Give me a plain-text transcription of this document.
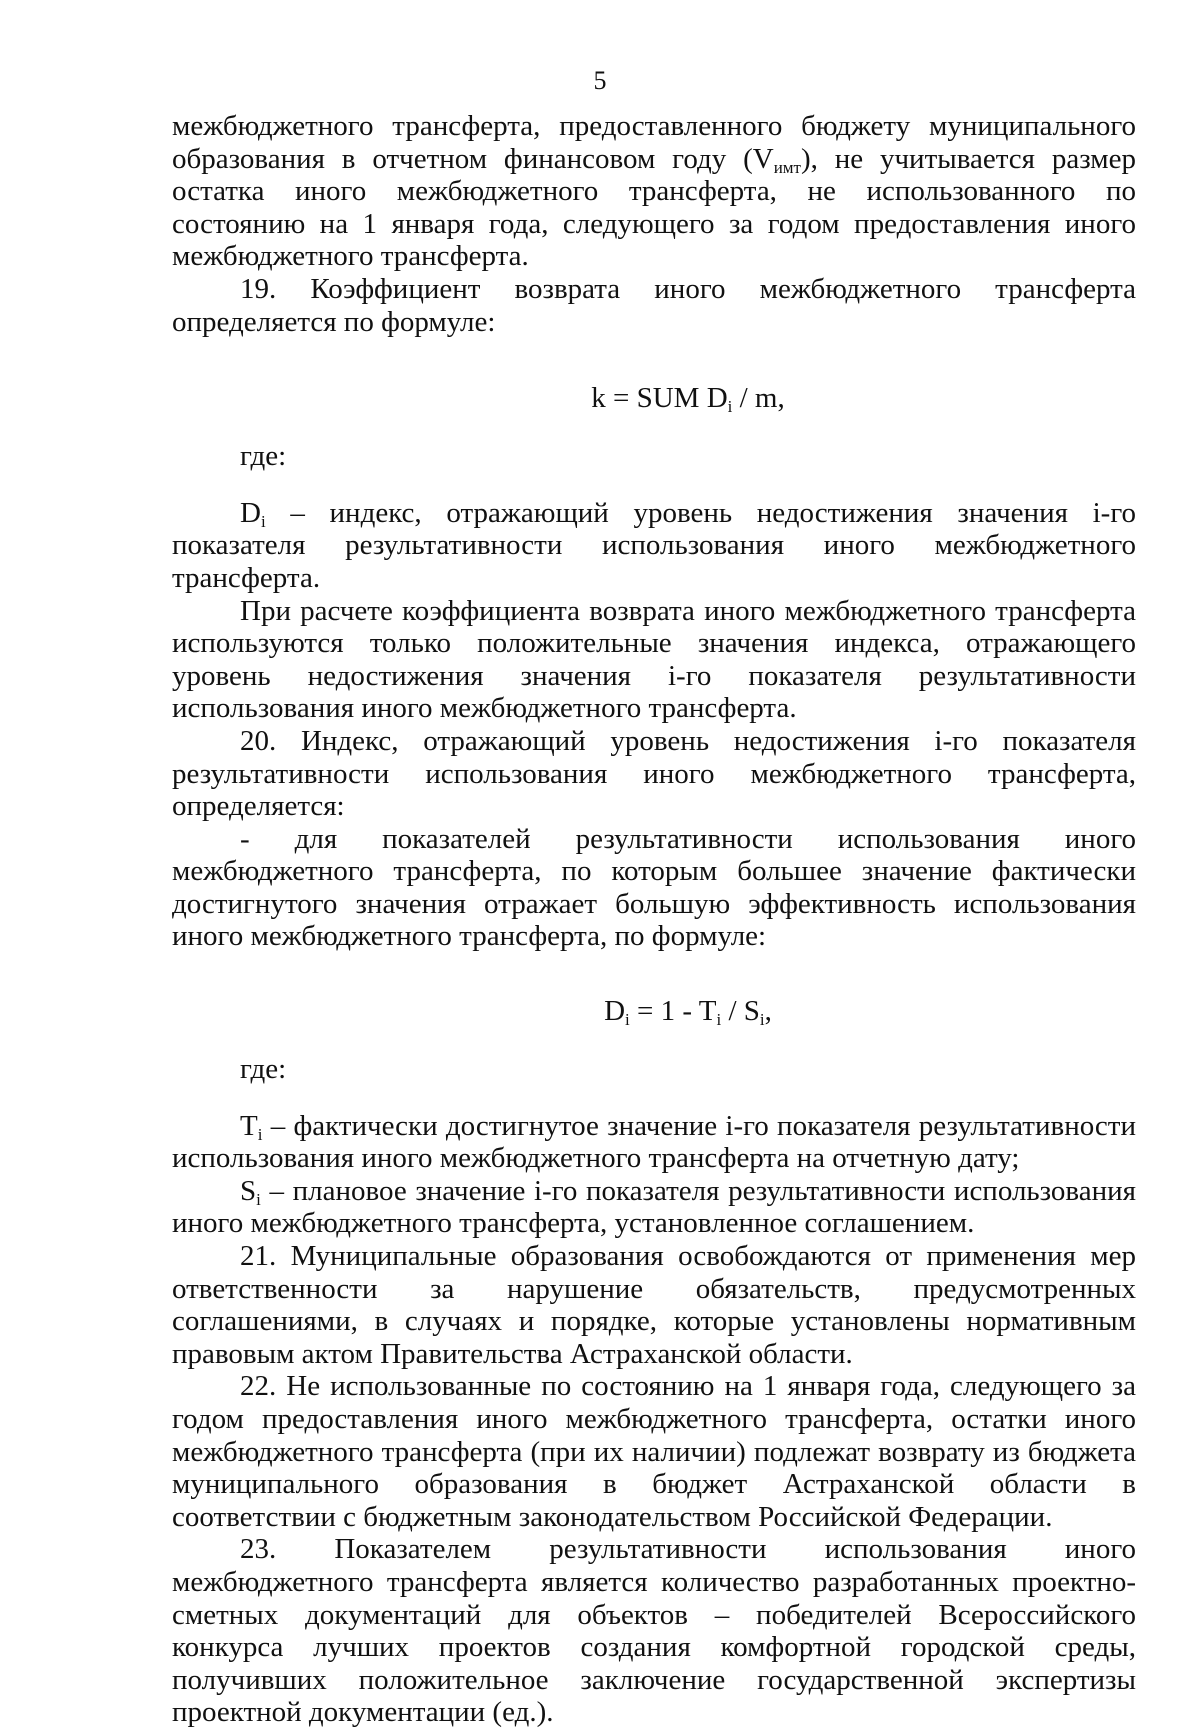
5

межбюджетного трансферта, предоставленного бюджету муниципального образования в отчетном финансовом году $(V_{имт})$, не учитывается размер остатка иного межбюджетного трансферта, не использованного по состоянию на 1 января года, следующего за годом предоставления иного межбюджетного трансферта.

19. Коэффициент возврата иного межбюджетного трансферта определяется по формуле:

k = SUM $D_i$ / m,

где:

$D_i$ – индекс, отражающий уровень недостижения значения i-го показателя результативности использования иного межбюджетного трансферта.

При расчете коэффициента возврата иного межбюджетного трансферта используются только положительные значения индекса, отражающего уровень недостижения значения i-го показателя результативности использования иного межбюджетного трансферта.

20. Индекс, отражающий уровень недостижения i-го показателя результативности использования иного межбюджетного трансферта, определяется:

- для показателей результативности использования иного межбюджетного трансферта, по которым большее значение фактически достигнутого значения отражает большую эффективность использования иного межбюджетного трансферта, по формуле:

$D_i = 1 - T_i / S_i$,

где:

$T_i$ – фактически достигнутое значение i-го показателя результативности использования иного межбюджетного трансферта на отчетную дату;

$S_i$ – плановое значение i-го показателя результативности использования иного межбюджетного трансферта, установленное соглашением.

21. Муниципальные образования освобождаются от применения мер ответственности за нарушение обязательств, предусмотренных соглашениями, в случаях и порядке, которые установлены нормативным правовым актом Правительства Астраханской области.

22. Не использованные по состоянию на 1 января года, следующего за годом предоставления иного межбюджетного трансферта, остатки иного межбюджетного трансферта (при их наличии) подлежат возврату из бюджета муниципального образования в бюджет Астраханской области в соответствии с бюджетным законодательством Российской Федерации.

23. Показателем результативности использования иного межбюджетного трансферта является количество разработанных проектно-сметных документаций для объектов – победителей Всероссийского конкурса лучших проектов создания комфортной городской среды, получивших положительное заключение государственной экспертизы проектной документации (ед.).
